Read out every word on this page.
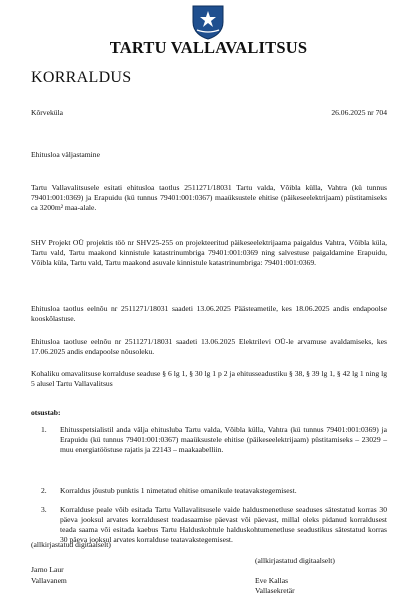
TARTU VALLAVALITSUS
KORRALDUS
Kõrveküla	26.06.2025 nr 704
Ehitusloa väljastamine
Tartu Vallavalitsusele esitati ehitusloa taotlus 2511271/18031 Tartu valda, Võibla külla, Vahtra (kü tunnus 79401:001:0369) ja Erapuidu (kü tunnus 79401:001:0367) maaüksustele ehitise (päikeseelektrijaam) püstitamiseks ca 3200m² maa-alale.
SHV Projekt OÜ projektis töö nr SHV25-255 on projekteeritud päikeseelektrijaama paigaldus Vahtra, Võibla küla, Tartu vald, Tartu maakond kinnistule katastrinumbriga 79401:001:0369 ning salvestuse paigaldamine Erapuidu, Võibla küla, Tartu vald, Tartu maakond asuvale kinnistule katastrinumbriga: 79401:001:0369.
Ehitusloa taotlus eelnõu nr 2511271/18031 saadeti 13.06.2025 Päästeametile, kes 18.06.2025 andis endapoolse kooskõlastuse.
Ehitusloa taotluse eelnõu nr 2511271/18031 saadeti 13.06.2025 Elektrilevi OÜ-le arvamuse avaldamiseks, kes 17.06.2025 andis endapoolse nõusoleku.
Kohaliku omavalitsuse korralduse seaduse § 6 lg 1, § 30 lg 1 p 2 ja ehitusseadustiku § 38, § 39 lg 1, § 42 lg 1 ning lg 5 alusel Tartu Vallavalitsus
otsustab:
1. Ehitusspetsialistil anda välja ehitusluba Tartu valda, Võibla külla, Vahtra (kü tunnus 79401:001:0369) ja Erapuidu (kü tunnus 79401:001:0367) maaüksustele ehitise (päikeseelektrijaam) püstitamiseks – 23029 – muu energiatööstuse rajatis ja 22143 – maakaabelliin.
2. Korraldus jõustub punktis 1 nimetatud ehitise omanikule teatavakstegemisest.
3. Korralduse peale võib esitada Tartu Vallavalitsusele vaide haldusmenetluse seaduses sätestatud korras 30 päeva jooksul arvates korraldusest teadasaamise päevast või päevast, millal oleks pidanud korraldusest teada saama või esitada kaebus Tartu Halduskohtule halduskohtumenetluse seadustikus sätestatud korras 30 päeva jooksul arvates korralduse teatavakstegemisest.
(allkirjastatud digitaalselt)
Jarno Laur
Vallavanem
(allkirjastatud digitaalselt)
Eve Kallas
Vallasekretär
